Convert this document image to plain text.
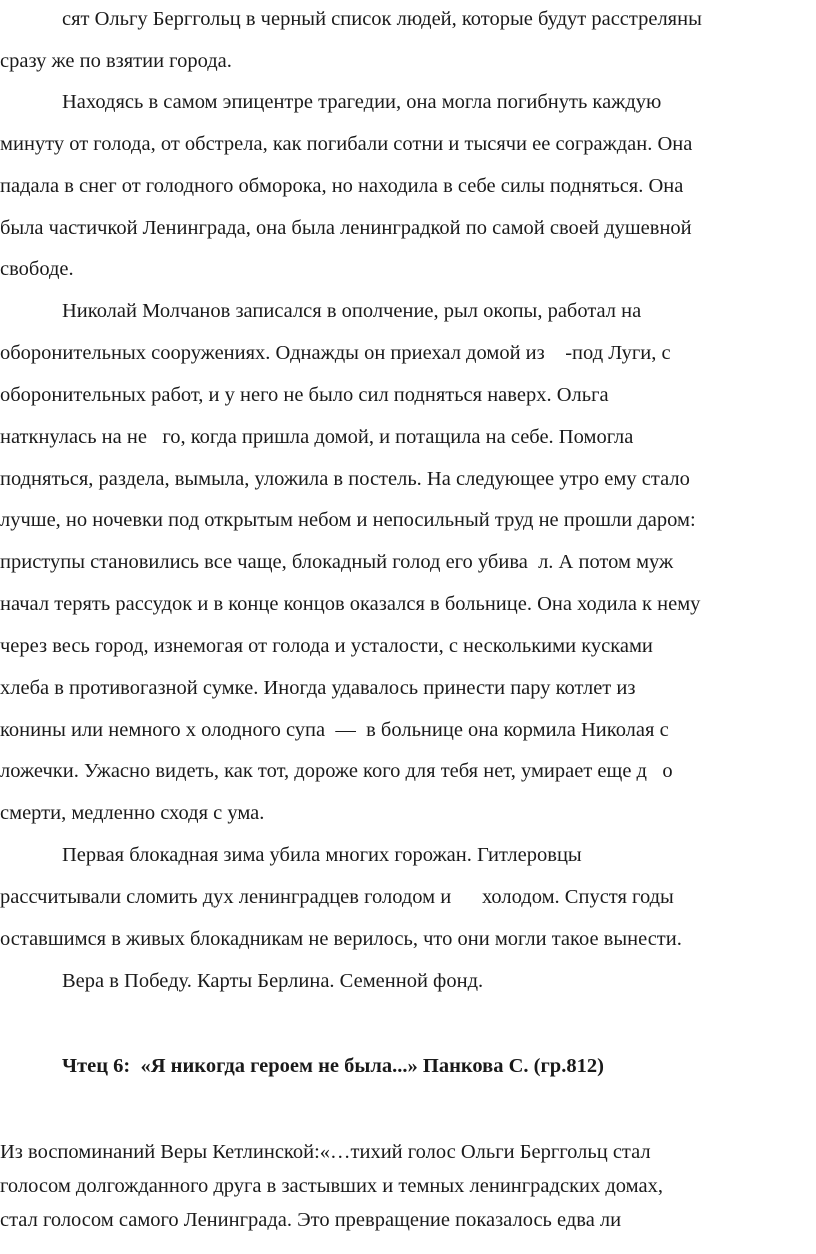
сят Ольгу Берггольц в черный список людей, которые будут расстреляны
сразу же по взятии города.
Находясь в самом эпицентре трагедии, она могла погибнуть каждую
минуту от голода, от обстрела, как погибали сотни и тысячи ее сограждан. Она
падала в снег от голодного обморока, но находила в себе силы подняться. Она
была частичкой Ленинграда, она была ленинградкой по самой своей душевной
свободе.
Николай Молчанов записался в ополчение, рыл окопы, работал на
оборонительных сооружениях. Однажды он приехал домой из    -под Луги, с
оборонительных работ, и у него не было сил подняться наверх. Ольга
наткнулась на не   го, когда пришла домой, и потащила на себе. Помогла
подняться, раздела, вымыла, уложила в постель. На следующее утро ему стало
лучше, но ночевки под открытым небом и непосильный труд не прошли даром:
приступы становились все чаще, блокадный голод его убива  л. А потом муж
начал терять рассудок и в конце концов оказался в больнице. Она ходила к нему
через весь город, изнемогая от голода и усталости, с несколькими кусками
хлеба в противогазной сумке. Иногда удавалось принести пару котлет из
конины или немного х олодного супа  —  в больнице она кормила Николая с
ложечки. Ужасно видеть, как тот, дороже кого для тебя нет, умирает еще д   о
смерти, медленно сходя с ума.
Первая блокадная зима убила многих горожан. Гитлеровцы
рассчитывали сломить дух ленинградцев голодом и      холодом. Спустя годы
оставшимся в живых блокадникам не верилось, что они могли такое вынести.
Вера в Победу. Карты Берлина. Семенной фонд.
Чтец 6:  «Я никогда героем не была...» Панкова С. (гр.812)
Из воспоминаний Веры Кетлинской:«…тихий голос Ольги Берггольц стал
голосом долгожданного друга в застывших и темных ленинградских домах,
стал голосом самого Ленинграда. Это превращение показалось едва ли
